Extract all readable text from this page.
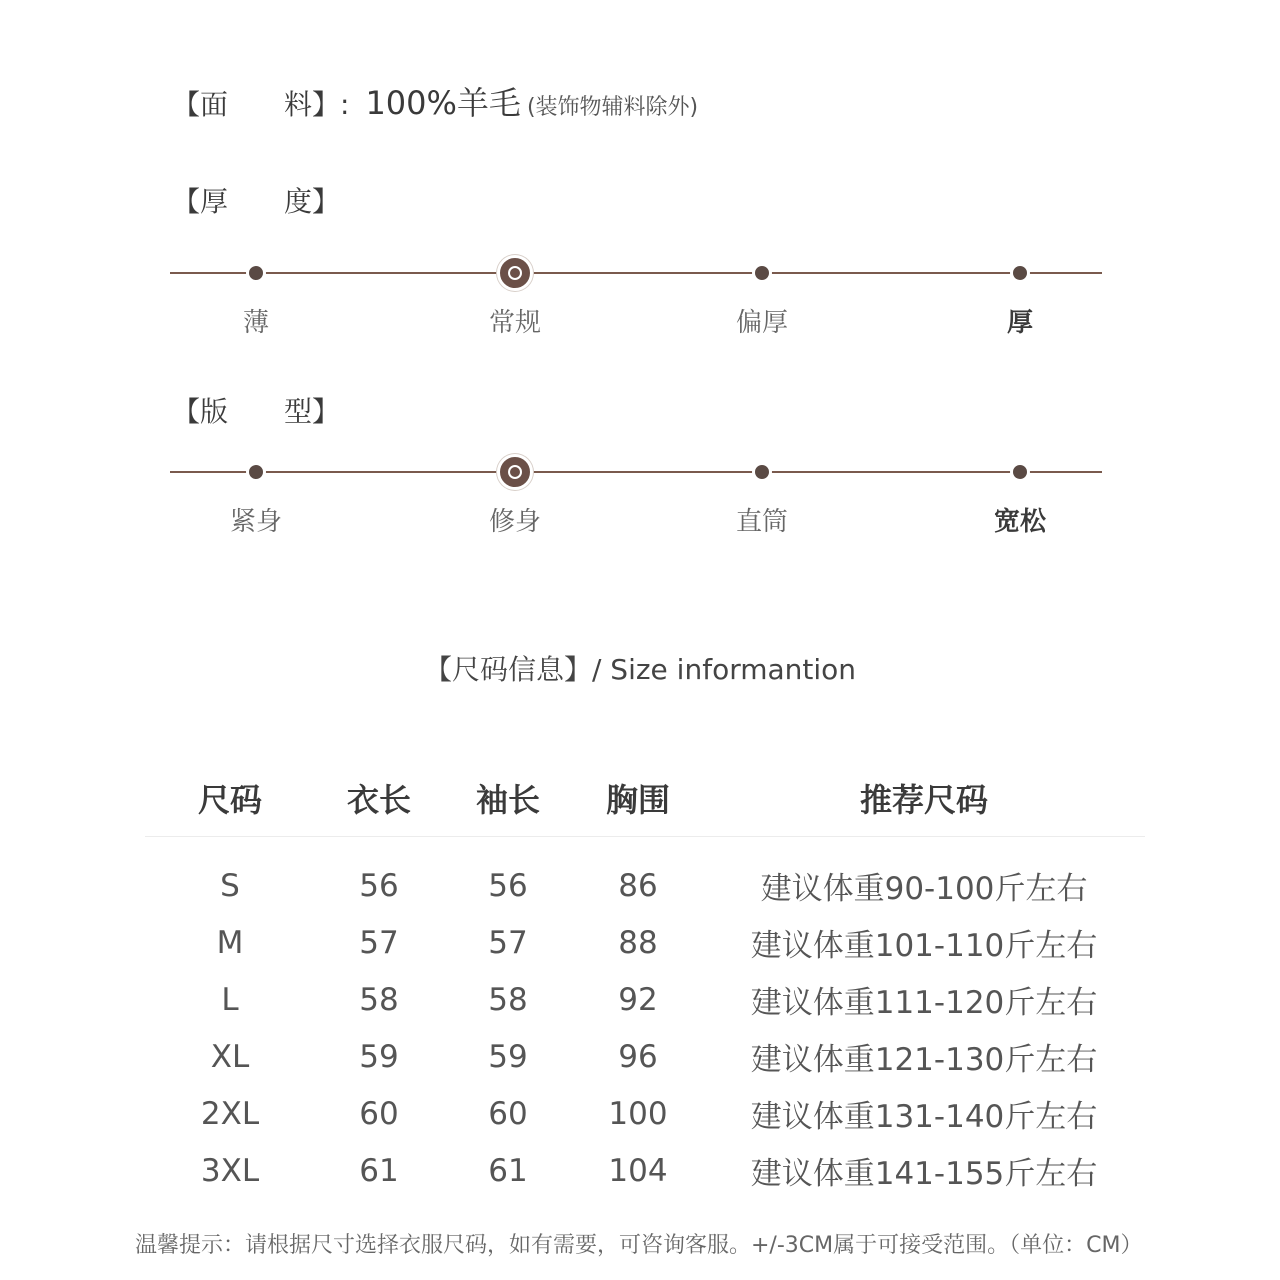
【面　　料】: 100%羊毛 (装饰物辅料除外)
【厚　　度】
薄	常规	偏厚	厚
【版　　型】
紧身	修身	直筒	宽松
【尺码信息】/ Size informantion
尺码	衣长	袖长	胸围	推荐尺码
S	56	56	86	建议体重90-100斤左右
M	57	57	88	建议体重101-110斤左右
L	58	58	92	建议体重111-120斤左右
XL	59	59	96	建议体重121-130斤左右
2XL	60	60	100	建议体重131-140斤左右
3XL	61	61	104	建议体重141-155斤左右
温馨提示：请根据尺寸选择衣服尺码，如有需要，可咨询客服。+/-3CM属于可接受范围。（单位：CM）
